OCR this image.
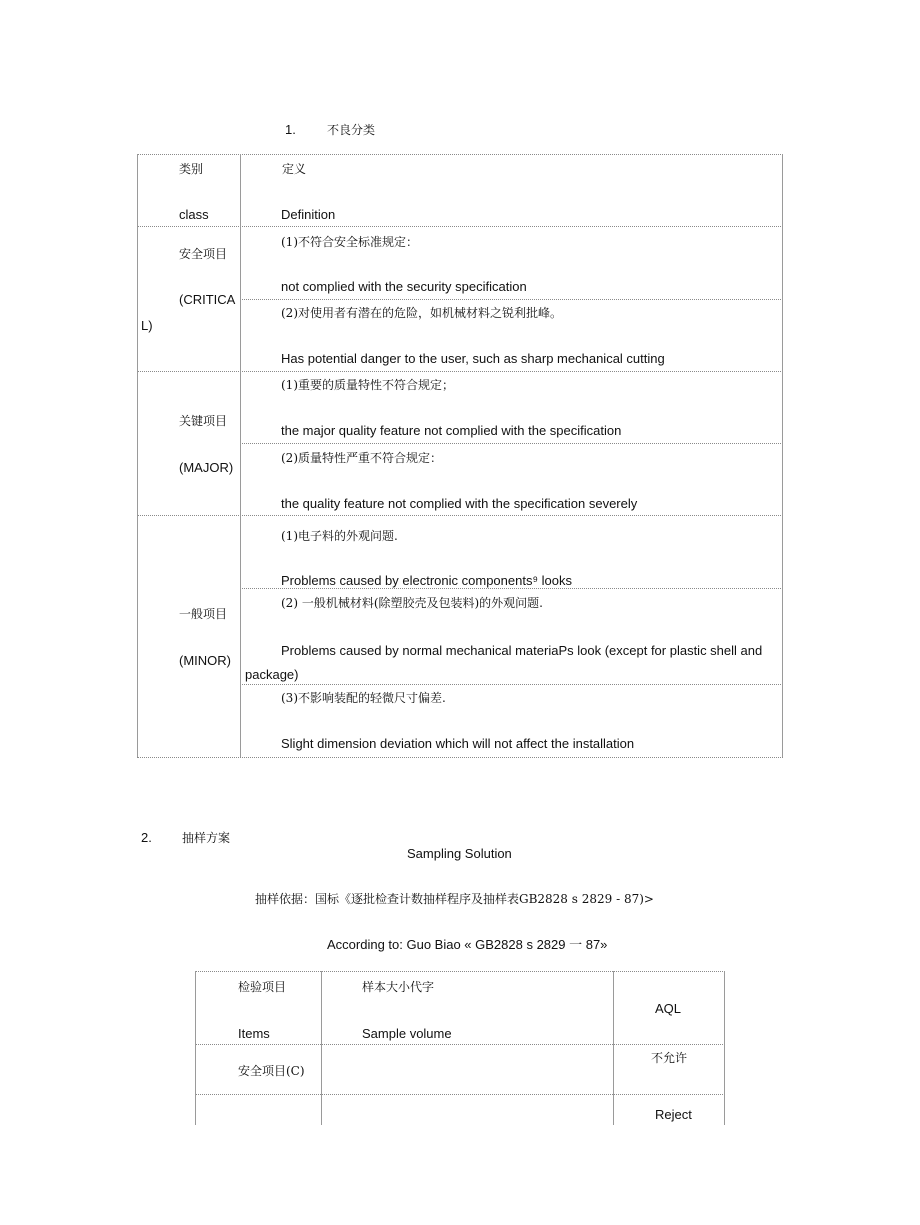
1.	不良分类
类别
class
定义
Definition
安全项目
(CRITICA
L)
(1)不符合安全标准规定：
not complied with the security specification
(2)对使用者有潜在的危险，如机械材料之锐利批峰。
Has potential danger to the user, such as sharp mechanical cutting
关键项目
(MAJOR)
(1)重要的质量特性不符合规定；
the major quality feature not complied with the specification
(2)质量特性严重不符合规定：
the quality feature not complied with the specification severely
一般项目
(MINOR)
(1)电子料的外观问题.
Problems caused by electronic components⁹ looks
(2) 一般机械材料(除塑胶壳及包装料)的外观问题.
Problems caused by normal mechanical materiaPs look (except for plastic shell and
package)
(3)不影响装配的轻微尺寸偏差.
Slight dimension deviation which will not affect the installation
2.	抽样方案
Sampling Solution
抽样依据：国标《逐批检查计数抽样程序及抽样表GB2828 s 2829 - 87)>
According to: Guo Biao « GB2828 s 2829 一 87»
检验项目
Items
样本大小代字
Sample volume
AQL
安全项目(C)
不允许
Reject
